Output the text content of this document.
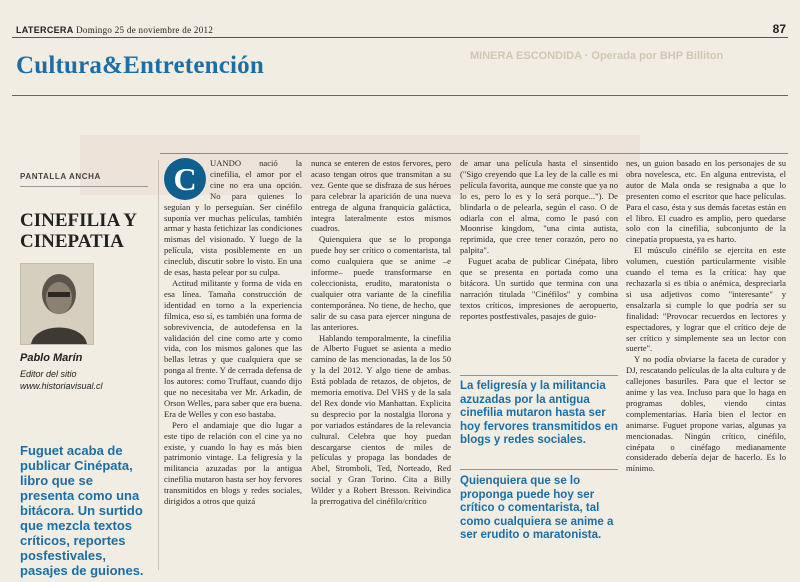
LATERCERA Domingo 25 de noviembre de 2012	87
Cultura&Entretención	MINERA ESCONDIDA · Operada por BHP Billiton
PANTALLA ANCHA
CINEFILIA Y CINEPATIA
Pablo Marín
Editor del sitio www.historiavisual.cl
Fuguet acaba de publicar Cinépata, libro que se presenta como una bitácora. Un surtido que mezcla textos críticos, reportes posfestivales, pasajes de guiones.
C	UANDO nació la cinefilia, el amor por el cine no era una opción. No para quienes lo seguían y lo perseguían. Ser cinéfilo suponía ver muchas películas, también armar y hasta fetichizar las condiciones mismas del visionado. Y luego de la película, vista posiblemente en un cineclub, discutir sobre lo visto. En una de esas, hasta pelear por su culpa.

Actitud militante y forma de vida en esa línea. Tamaña construcción de identidad en torno a la experiencia fílmica, eso sí, es también una forma de sobrevivencia, de autodefensa en la validación del cine como arte y como vida, con los mismos galones que las bellas letras y que cualquiera que se ponga al frente. Y de cerrada defensa de los autores: como Truffaut, cuando dijo que no necesitaba ver Mr. Arkadin, de Orson Welles, para saber que era buena. Era de Welles y con eso bastaba.

Pero el andamiaje que dio lugar a este tipo de relación con el cine ya no existe, y cuando lo hay es más bien patrimonio vintage. La feligresía y la militancia azuzadas por la antigua cinefilia mutaron hasta ser hoy fervores transmitidos en blogs y redes sociales, dirigidos a otros que quizá

nunca se enteren de estos fervores, pero acaso tengan otros que transmitan a su vez. Gente que se disfraza de sus héroes para celebrar la aparición de una nueva entrega de alguna franquicia galáctica, integra lateralmente estos mismos cuadros.

Quienquiera que se lo proponga puede hoy ser crítico o comentarista, tal como cualquiera que se anime –e informe– puede transformarse en coleccionista, erudito, maratonista o cualquier otra variante de la cinefilia contemporánea. No tiene, de hecho, que salir de su casa para ejercer ninguna de las anteriores.

Hablando temporalmente, la cinefilia de Alberto Fuguet se asienta a medio camino de las mencionadas, la de los 50 y la del 2012. Y algo tiene de ambas. Está poblada de retazos, de objetos, de memoria emotiva. Del VHS y de la sala del Rex donde vio Manhattan. Explicita su desprecio por la nostalgia llorona y por variados estándares de la relevancia cultural. Celebra que hoy puedan descargarse cientos de miles de películas y propaga las bondades de Abel, Stromboli, Ted, Norteado, Red social y Gran Torino. Cita a Billy Wilder y a Robert Bresson. Reivindica la prerrogativa del cinéfilo/crítico

de amar una película hasta el sinsentido ("Sigo creyendo que La ley de la calle es mi película favorita, aunque me conste que ya no lo es, pero lo es y lo será porque..."). De blindarla o de pelearla, según el caso. O de odiarla con el alma, como le pasó con Moonrise kingdom, "una cinta autista, reprimida, que cree tener corazón, pero no palpita".

Fuguet acaba de publicar Cinépata, libro que se presenta en portada como una bitácora. Un surtido que termina con una narración titulada "Cinéfilos" y combina textos críticos, impresiones de aeropuerto, reportes postfestivales, pasajes de guio-

La feligresía y la militancia azuzadas por la antigua cinefilia mutaron hasta ser hoy fervores transmitidos en blogs y redes sociales.
Quienquiera que se lo proponga puede hoy ser crítico o comentarista, tal como cualquiera se anime a ser erudito o maratonista.

nes, un guion basado en los personajes de su obra novelesca, etc. En alguna entrevista, el autor de Mala onda se resignaba a que lo presenten como el escritor que hace películas. Para el caso, ésta y sus demás facetas están en el libro. El cuadro es amplio, pero quedarse solo con la cinefilia, subconjunto de la cinepatía propuesta, ya es harto.

El músculo cinéfilo se ejercita en este volumen, cuestión particularmente visible cuando el tema es la crítica: hay que rechazarla si es tibia o anémica, despreciarla si usa adjetivos como "interesante" y ensalzarla si cumple lo que podría ser su finalidad: "Provocar recuerdos en lectores y espectadores, y lograr que el crítico deje de ser crítico y simplemente sea un lector con suerte".

Y no podía obviarse la faceta de curador y DJ, rescatando películas de la alta cultura y de callejones basuriles. Para que el lector se anime y las vea. Incluso para que lo haga en programas dobles, viendo cintas complementarias. Haría bien el lector en animarse. Fuguet propone varias, algunas ya mencionadas. Ningún crítico, cinéfilo, cinépata o cinéfago medianamente considerado debería dejar de hacerlo. Es lo mínimo.
